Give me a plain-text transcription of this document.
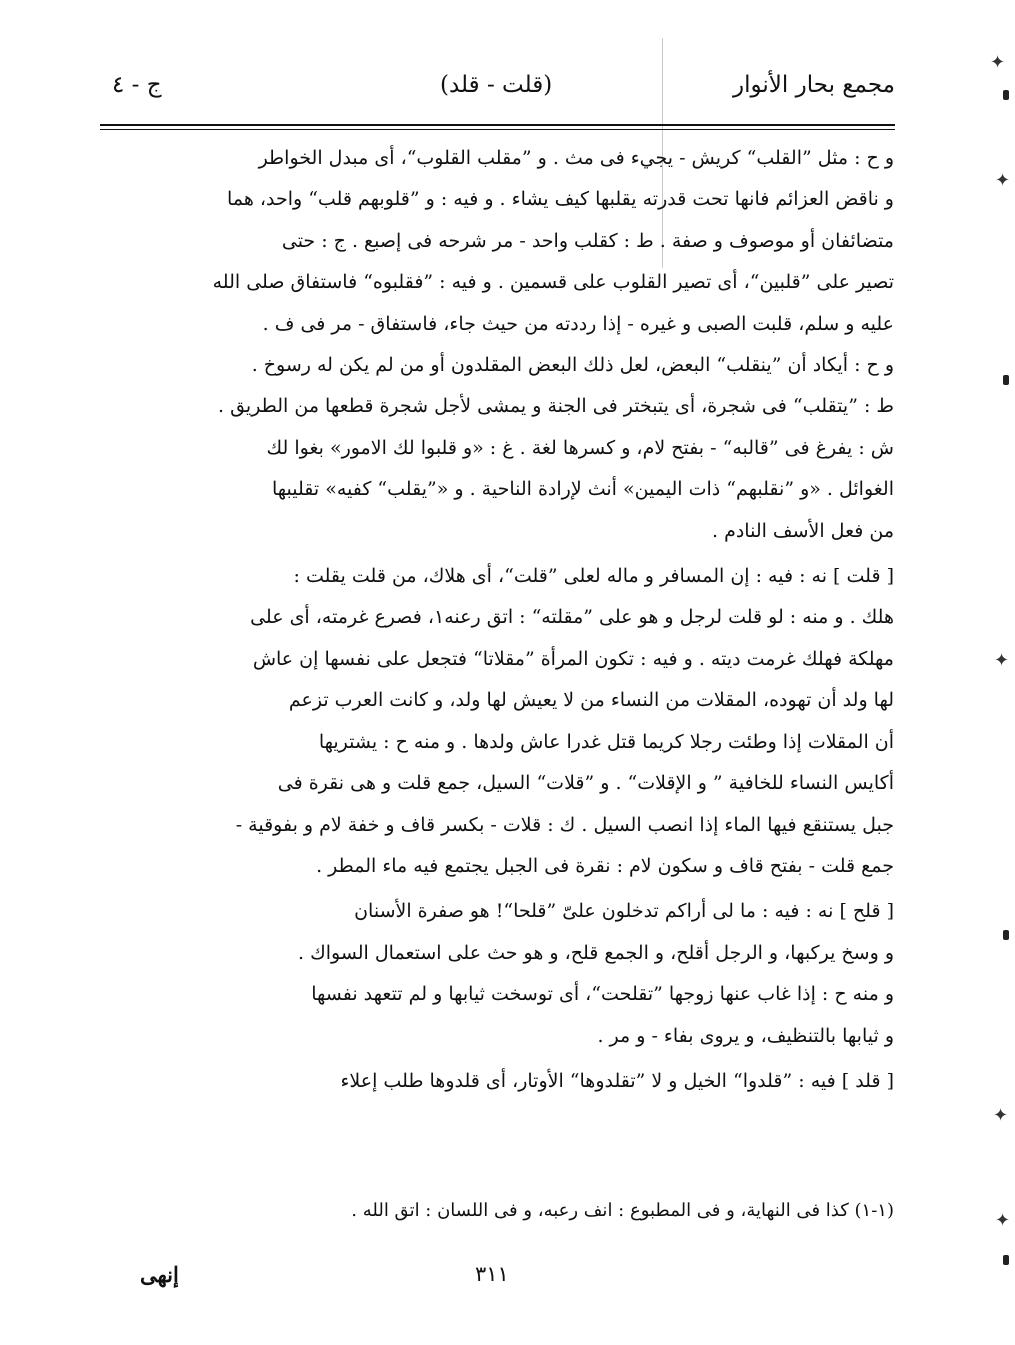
ج - ٤	(قلت - قلد)	مجمع بحار الأنوار
و ح : مثل ”القلب“ كريش - يجيء فى مث . و ”مقلب القلوب“، أى مبدل الخواطر
و ناقض العزائم فانها تحت قدرته يقلبها كيف يشاء . و فيه : و ”قلوبهم قلب“ واحد، هما
متضائفان أو موصوف و صفة . ط : كقلب واحد - مر شرحه فى إصبع . ج : حتى
تصير على ”قلبين“، أى تصير القلوب على قسمين . و فيه : ”فقلبوه“ فاستفاق صلى الله
عليه و سلم، قلبت الصبى و غيره - إذا رددته من حيث جاء، فاستفاق - مر فى ف .
و ح : أيكاد أن ”ينقلب“ البعض، لعل ذلك البعض المقلدون أو من لم يكن له رسوخ .
ط : ”يتقلب“ فى شجرة، أى يتبختر فى الجنة و يمشى لأجل شجرة قطعها من الطريق .
ش : يفرغ فى ”قالبه“ - بفتح لام، و كسرها لغة . غ : «و قلبوا لك الامور» بغوا لك
الغوائل . «و ”نقلبهم“ ذات اليمين» أنث لإرادة الناحية . و «”يقلب“ كفيه» تقليبها
من فعل الأسف النادم .
[ قلت ] نه : فيه : إن المسافر و ماله لعلى ”قلت“، أى هلاك، من قلت يقلت :
هلك . و منه : لو قلت لرجل و هو على ”مقلته“ : اتق رعنه١، فصرع غرمته، أى على
مهلكة فهلك غرمت ديته . و فيه : تكون المرأة ”مقلاتا“ فتجعل على نفسها إن عاش
لها ولد أن تهوده، المقلات من النساء من لا يعيش لها ولد، و كانت العرب تزعم
أن المقلات إذا وطئت رجلا كريما قتل غدرا عاش ولدها . و منه ح : يشتريها
أكايس النساء للخافية ” و الإقلات“ . و ”قلات“ السيل، جمع قلت و هى نقرة فى
جبل يستنقع فيها الماء إذا انصب السيل . ك : قلات - بكسر قاف و خفة لام و بفوقية -
جمع قلت - بفتح قاف و سكون لام : نقرة فى الجبل يجتمع فيه ماء المطر .
[ قلح ] نه : فيه : ما لى أراكم تدخلون علىّ ”قلحا“! هو صفرة الأسنان
و وسخ يركبها، و الرجل أقلح، و الجمع قلح، و هو حث على استعمال السواك .
و منه ح : إذا غاب عنها زوجها ”تقلحت“، أى توسخت ثيابها و لم تتعهد نفسها
و ثيابها بالتنظيف، و يروى بفاء - و مر .
[ قلد ] فيه : ”قلدوا“ الخيل و لا ”تقلدوها“ الأوتار، أى قلدوها طلب إعلاء
(١-١) كذا فى النهاية، و فى المطبوع : انف رعبه، و فى اللسان : اتق الله .
٣١١
إنهى
✦
✦
✦
✦
✦
